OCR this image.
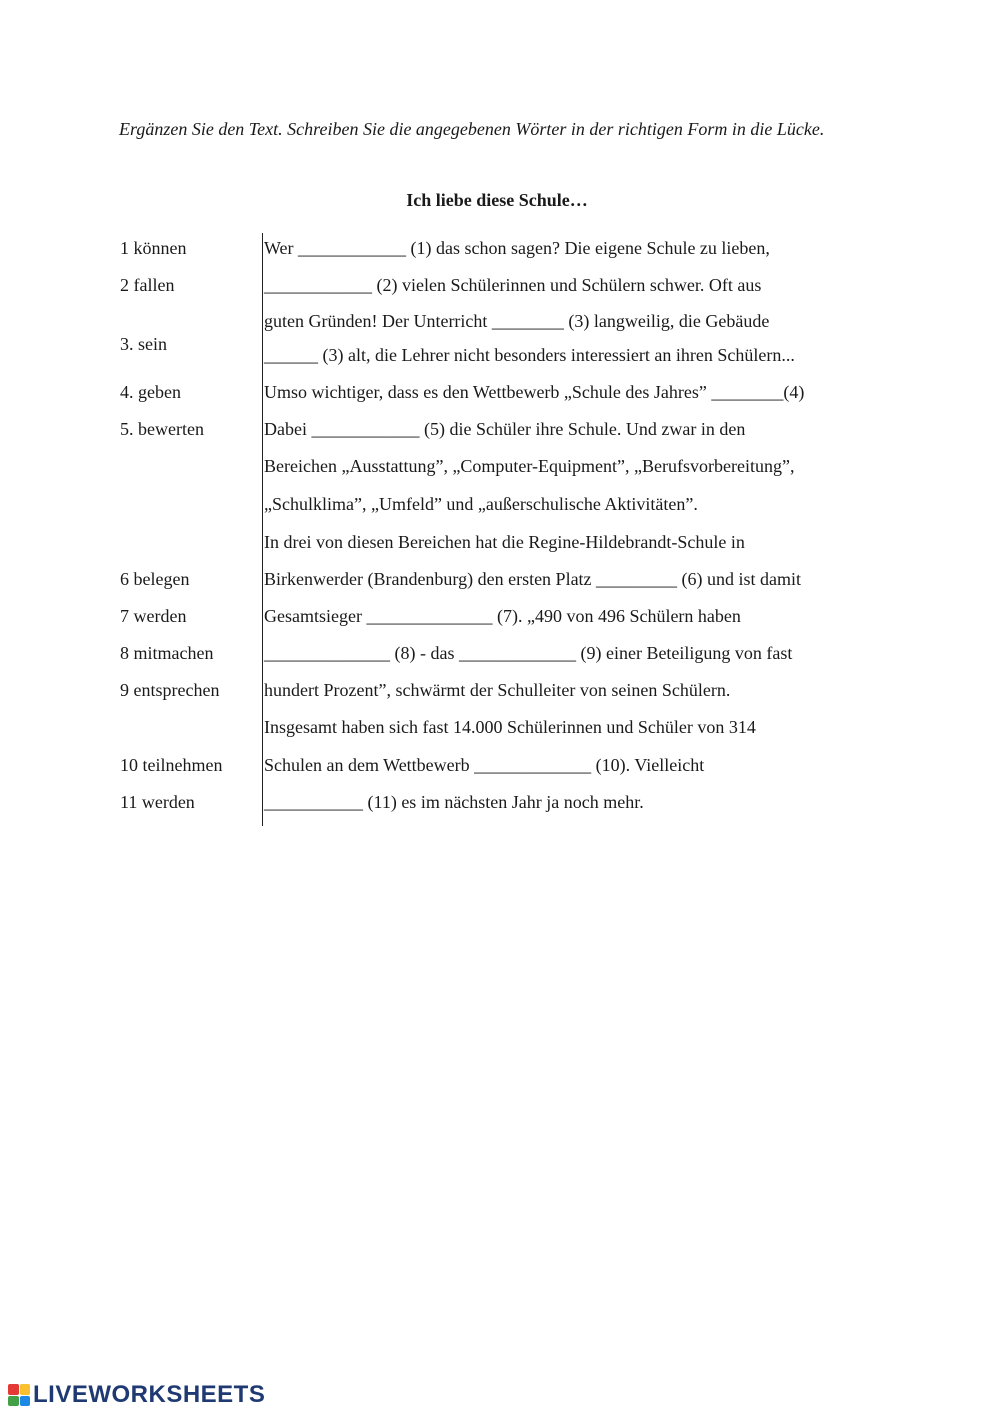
Ergänzen Sie den Text. Schreiben Sie die angegebenen Wörter in der richtigen Form in die Lücke.
Ich liebe diese Schule…
1 können
2 fallen
3. sein
4. geben
5. bewerten
6 belegen
7 werden
8 mitmachen
9 entsprechen
10 teilnehmen
11 werden
Wer ____________ (1) das schon sagen? Die eigene Schule zu lieben,
____________ (2) vielen Schülerinnen und Schülern schwer. Oft aus
guten Gründen! Der Unterricht ________ (3) langweilig, die Gebäude
______ (3) alt, die Lehrer nicht besonders interessiert an ihren Schülern...
Umso wichtiger, dass es den Wettbewerb „Schule des Jahres” ________(4)
Dabei ____________ (5) die Schüler ihre Schule. Und zwar in den
Bereichen „Ausstattung”, „Computer-Equipment”, „Berufsvorbereitung”,
„Schulklima”, „Umfeld” und „außerschulische Aktivitäten”.
In drei von diesen Bereichen hat die Regine-Hildebrandt-Schule in
Birkenwerder (Brandenburg) den ersten Platz _________ (6) und ist damit
Gesamtsieger ______________ (7). „490 von 496 Schülern haben
______________ (8) - das _____________ (9) einer Beteiligung von fast
hundert Prozent”, schwärmt der Schulleiter von seinen Schülern.
Insgesamt haben sich fast 14.000 Schülerinnen und Schüler von 314
Schulen an dem Wettbewerb _____________ (10). Vielleicht
___________ (11) es im nächsten Jahr ja noch mehr.
LIVEWORKSHEETS
